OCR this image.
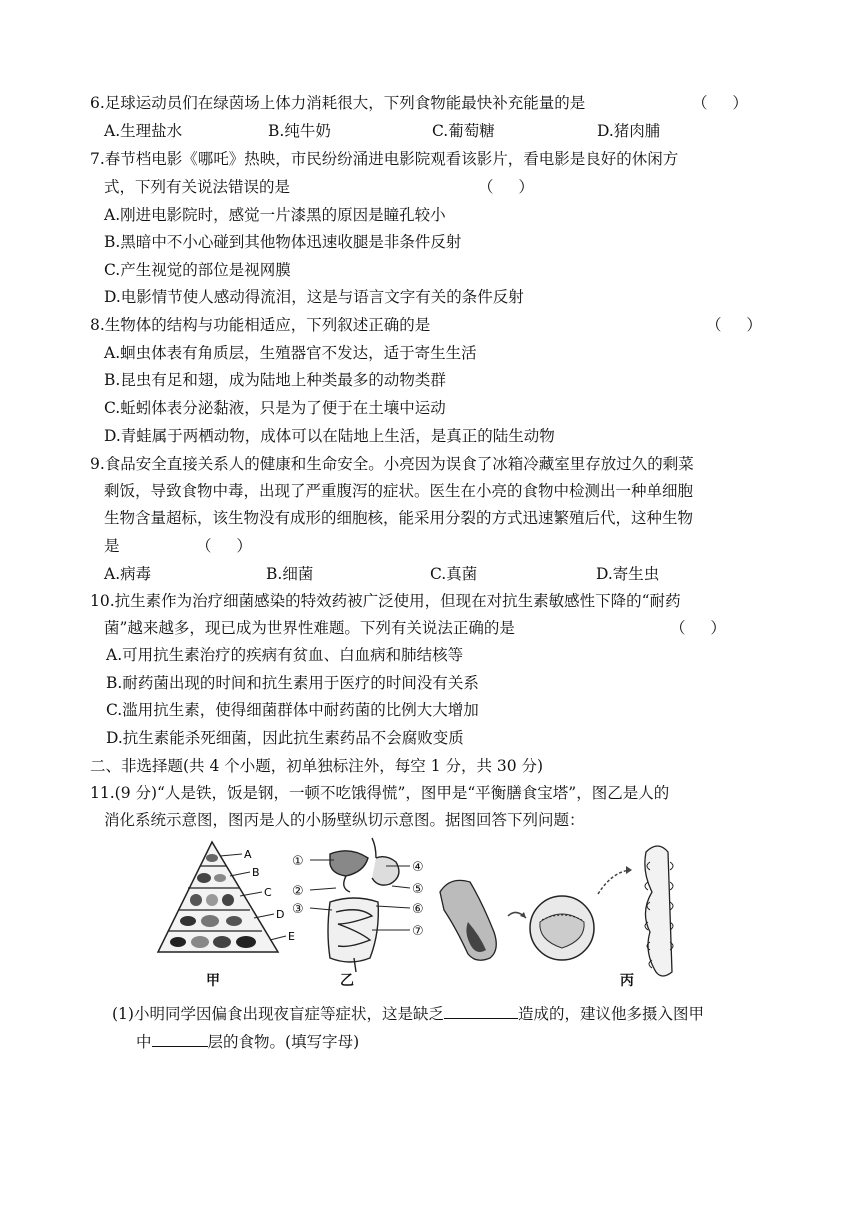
6.足球运动员们在绿茵场上体力消耗很大，下列食物能最快补充能量的是	（ ）
A.生理盐水	B.纯牛奶	C.葡萄糖	D.猪肉脯
7.春节档电影《哪吒》热映，市民纷纷涌进电影院观看该影片，看电影是良好的休闲方
式，下列有关说法错误的是	（ ）
A.刚进电影院时，感觉一片漆黑的原因是瞳孔较小
B.黑暗中不小心碰到其他物体迅速收腿是非条件反射
C.产生视觉的部位是视网膜
D.电影情节使人感动得流泪，这是与语言文字有关的条件反射
8.生物体的结构与功能相适应，下列叙述正确的是	（ ）
A.蛔虫体表有角质层，生殖器官不发达，适于寄生生活
B.昆虫有足和翅，成为陆地上种类最多的动物类群
C.蚯蚓体表分泌黏液，只是为了便于在土壤中运动
D.青蛙属于两栖动物，成体可以在陆地上生活，是真正的陆生动物
9.食品安全直接关系人的健康和生命安全。小亮因为误食了冰箱冷藏室里存放过久的剩菜
剩饭，导致食物中毒，出现了严重腹泻的症状。医生在小亮的食物中检测出一种单细胞
生物含量超标，该生物没有成形的细胞核，能采用分裂的方式迅速繁殖后代，这种生物
是	（ ）
A.病毒	B.细菌	C.真菌	D.寄生虫
10.抗生素作为治疗细菌感染的特效药被广泛使用，但现在对抗生素敏感性下降的“耐药
菌”越来越多，现已成为世界性难题。下列有关说法正确的是	（ ）
A.可用抗生素治疗的疾病有贫血、白血病和肺结核等
B.耐药菌出现的时间和抗生素用于医疗的时间没有关系
C.滥用抗生素，使得细菌群体中耐药菌的比例大大增加
D.抗生素能杀死细菌，因此抗生素药品不会腐败变质
二、非选择题(共 4 个小题，初单独标注外，每空 1 分，共 30 分)
11.(9 分)“人是铁，饭是钢，一顿不吃饿得慌”，图甲是“平衡膳食宝塔”，图乙是人的
消化系统示意图，图丙是人的小肠壁纵切示意图。据图回答下列问题：
A
B
C
D
E
①
②
③
④
⑤
⑥
⑦
甲	乙	丙
(1)小明同学因偏食出现夜盲症等症状，这是缺乏	造成的，建议他多摄入图甲
中	层的食物。(填写字母)
